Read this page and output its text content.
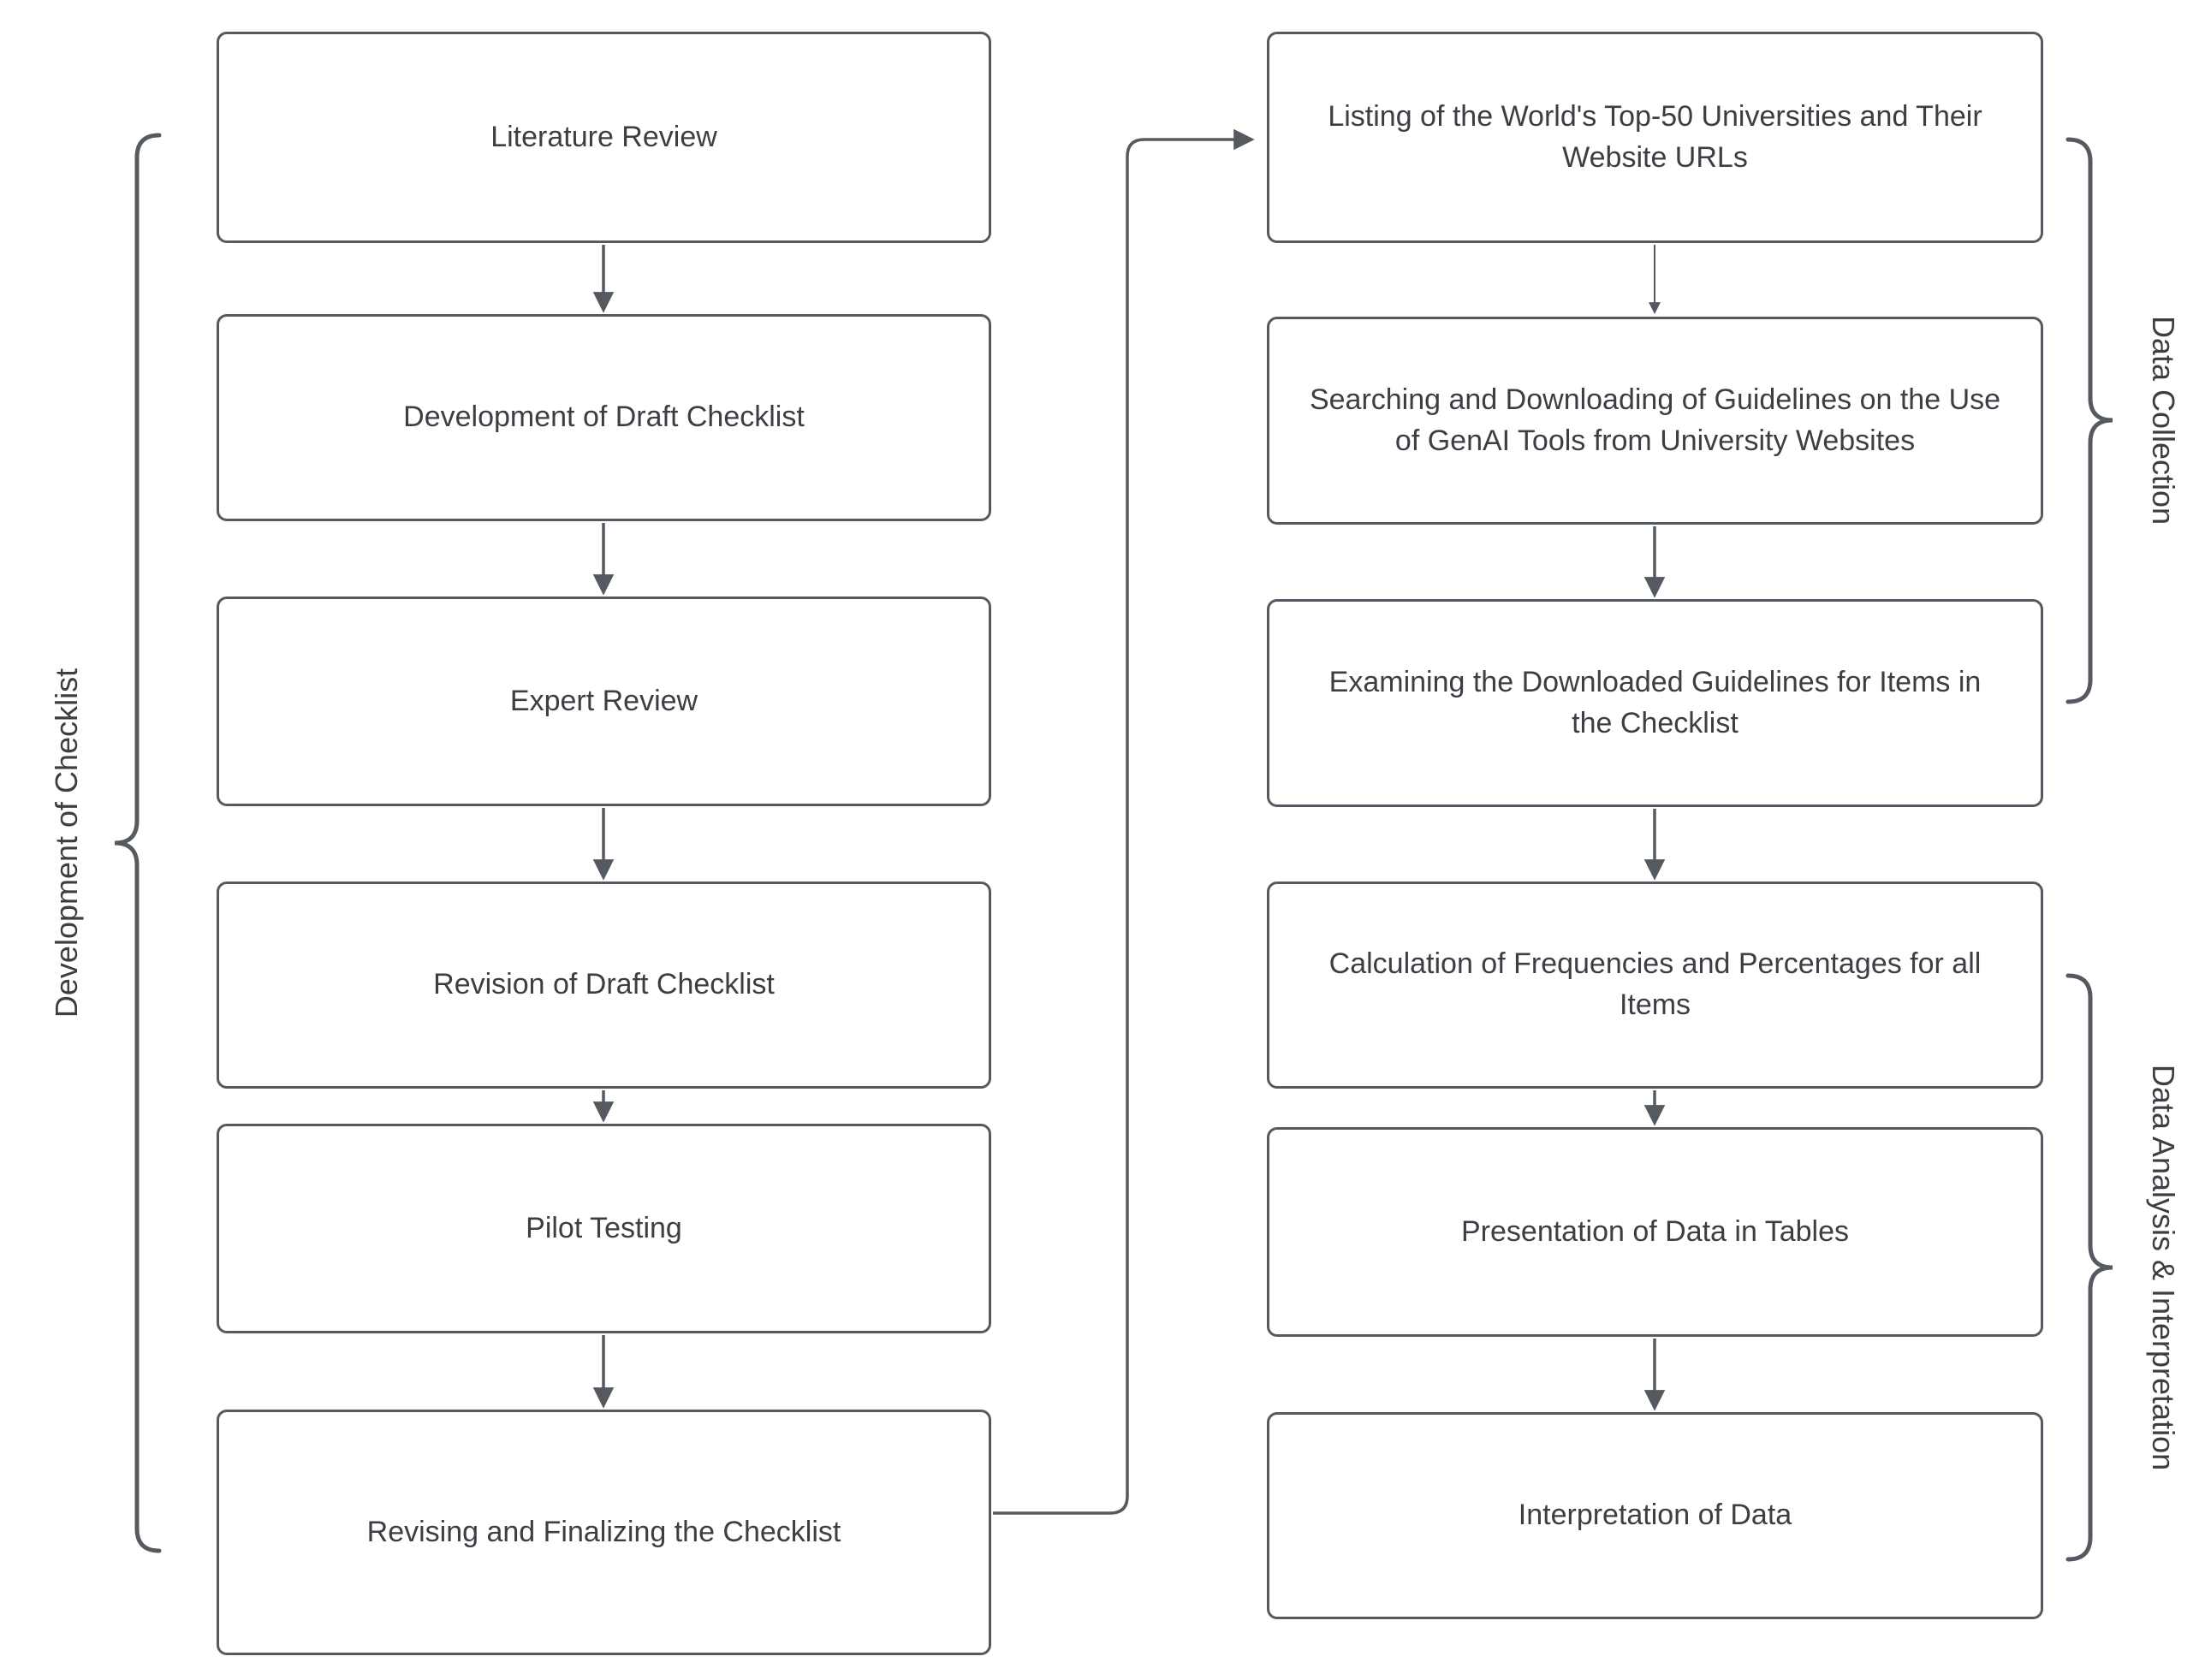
Literature Review
Development of Draft Checklist
Expert Review
Revision of Draft Checklist
Pilot Testing
Revising and Finalizing the Checklist
Listing of the World's Top-50 Universities and Their Website URLs
Searching and Downloading of Guidelines on the Use of GenAI Tools from University Websites
Examining the Downloaded Guidelines for Items in the Checklist
Calculation of Frequencies and Percentages for all Items
Presentation of Data in Tables
Interpretation of Data
Development of Checklist
Data Collection
Data Analysis & Interpretation
